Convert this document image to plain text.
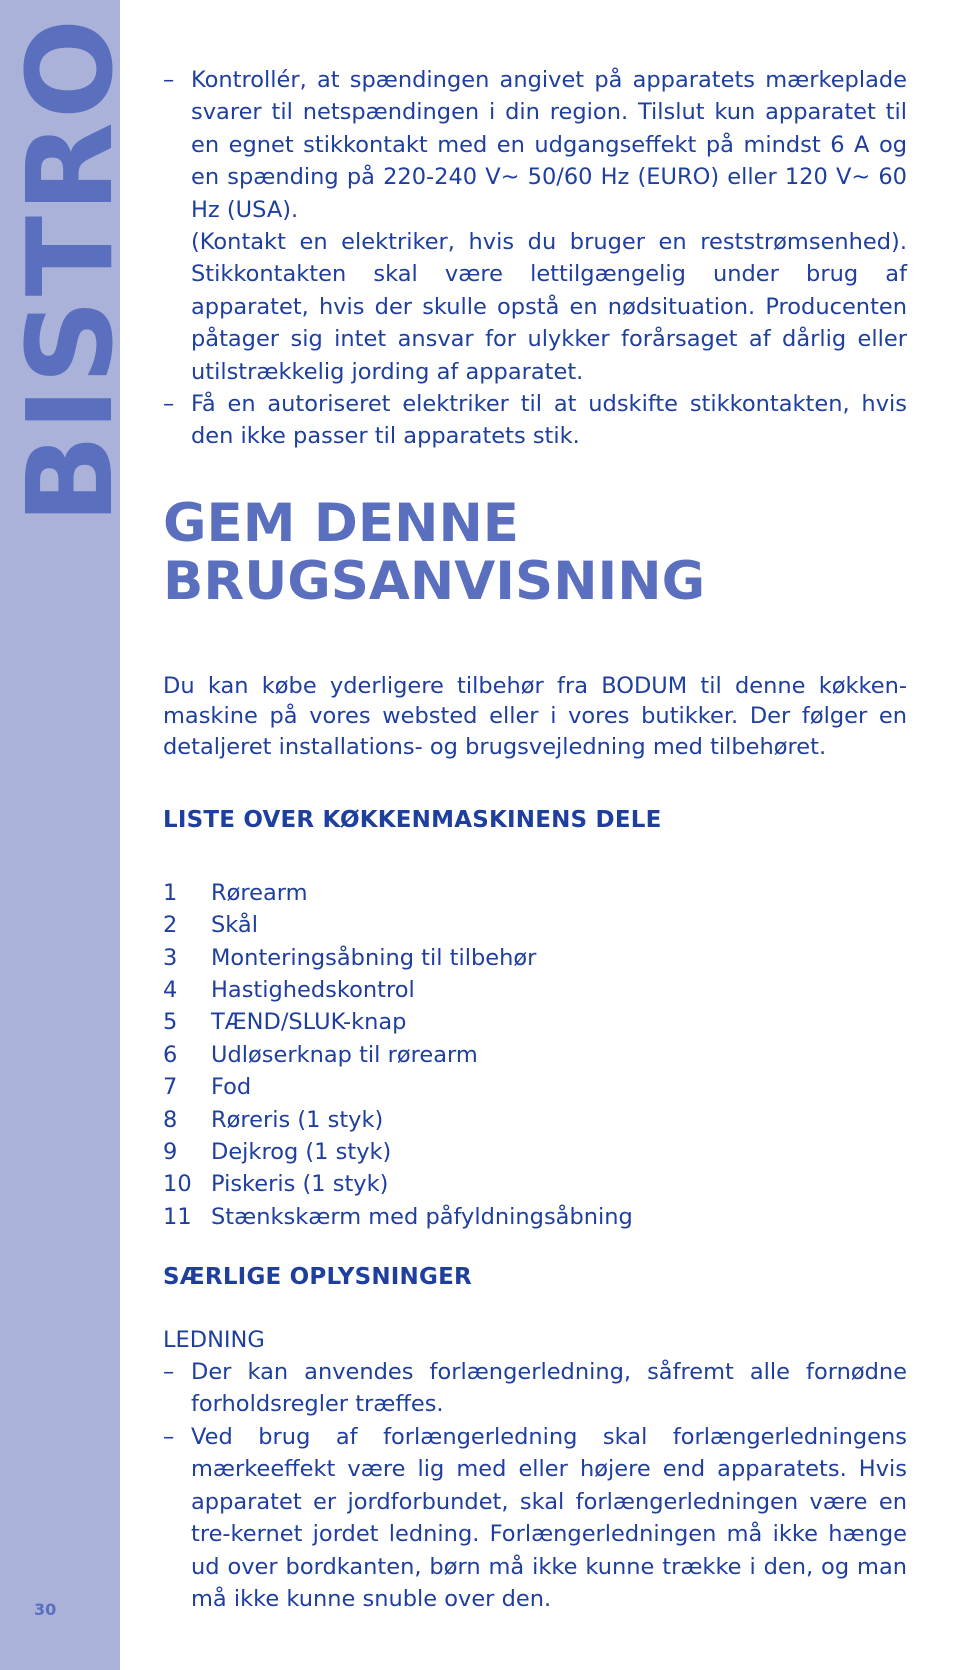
BISTRO
30
– Kontrollér, at spændingen angivet på apparatets mærkeplade svarer til netspændingen i din region. Tilslut kun apparatet til en egnet stikkontakt med en udgangseffekt på mindst 6 A og en spænding på 220-240 V~ 50/60 Hz (EURO) eller 120 V~ 60 Hz (USA).
(Kontakt en elektriker, hvis du bruger en reststrømsenhed). Stikkontakten skal være lettilgængelig under brug af apparatet, hvis der skulle opstå en nødsituation. Producenten påtager sig intet ansvar for ulykker forårsaget af dårlig eller utilstrækkelig jording af apparatet.
– Få en autoriseret elektriker til at udskifte stikkontakten, hvis den ikke passer til apparatets stik.
GEM DENNE
BRUGSANVISNING
Du kan købe yderligere tilbehør fra BODUM til denne køkken-maskine på vores websted eller i vores butikker. Der følger en detaljeret installations- og brugsvejledning med tilbehøret.
LISTE OVER KØKKENMASKINENS DELE
1	Rørearm
2	Skål
3	Monteringsåbning til tilbehør
4	Hastighedskontrol
5	TÆND/SLUK-knap
6	Udløserknap til rørearm
7	Fod
8	Røreris (1 styk)
9	Dejkrog (1 styk)
10 Piskeris (1 styk)
11 Stænkskærm med påfyldningsåbning
SÆRLIGE OPLYSNINGER
LEDNING
– Der kan anvendes forlængerledning, såfremt alle fornødne forholdsregler træffes.
– Ved brug af forlængerledning skal forlængerledningens mærkeeffekt være lig med eller højere end apparatets. Hvis apparatet er jordforbundet, skal forlængerledningen være en tre-kernet jordet ledning. Forlængerledningen må ikke hænge ud over bordkanten, børn må ikke kunne trække i den, og man må ikke kunne snuble over den.
